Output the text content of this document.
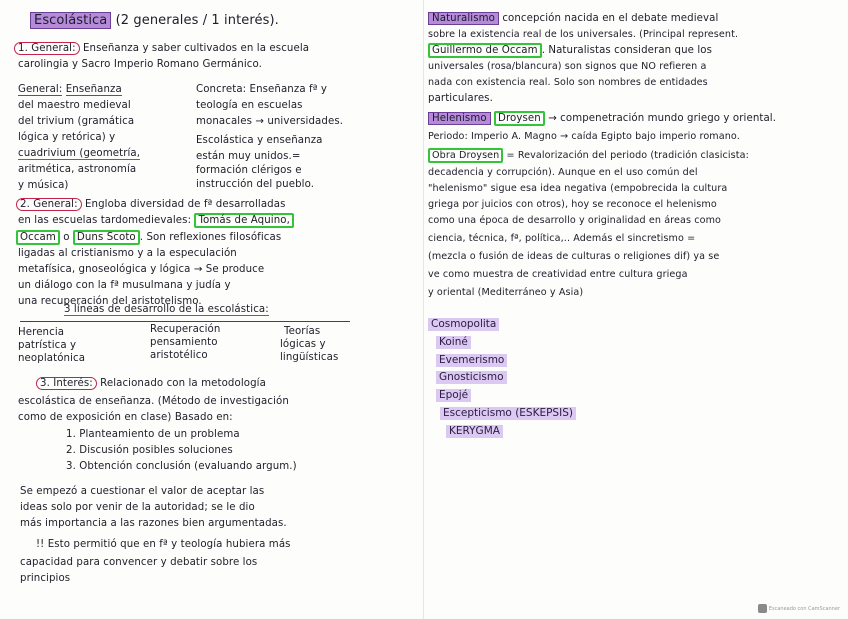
Escolástica (2 generales / 1 interés).
1. General: Enseñanza y saber cultivados en la escuela
carolingia y Sacro Imperio Romano Germánico.
General: Enseñanza
del maestro medieval
del trivium (gramática
lógica y retórica) y
cuadrivium (geometría,
aritmética, astronomía
y música)
Concreta: Enseñanza fª y
teología en escuelas
monacales → universidades.
Escolástica y enseñanza
están muy unidos.=
formación clérigos e
instrucción del pueblo.
2. General: Engloba diversidad de fª desarrolladas
en las escuelas tardomedievales: Tomás de Aquino,
Occam o Duns Scoto . Son reflexiones filosóficas
ligadas al cristianismo y a la especulación
metafísica, gnoseológica y lógica → Se produce
un diálogo con la fª musulmana y judía y
una recuperación del aristotelismo.
3 líneas de desarrollo de la escolástica:
Herencia
patrística y
neoplatónica
Recuperación
pensamiento
aristotélico
Teorías
lógicas y
lingüísticas
3. Interés: Relacionado con la metodología
escolástica de enseñanza. (Método de investigación
como de exposición en clase) Basado en:
1. Planteamiento de un problema
2. Discusión posibles soluciones
3. Obtención conclusión (evaluando argum.)
Se empezó a cuestionar el valor de aceptar las
ideas solo por venir de la autoridad; se le dio
más importancia a las razones bien argumentadas.
!! Esto permitió que en fª y teología hubiera más
capacidad para convencer y debatir sobre los
principios
Naturalismo concepción nacida en el debate medieval
sobre la existencia real de los universales. (Principal represent.
Guillermo de Occam . Naturalistas consideran que los
universales (rosa/blancura) son signos que NO refieren a
nada con existencia real. Solo son nombres de entidades
particulares.
Helenismo Droysen → compenetración mundo griego y oriental.
Periodo: Imperio A. Magno → caída Egipto bajo imperio romano.
Obra Droysen = Revalorización del periodo (tradición clasicista:
decadencia y corrupción). Aunque en el uso común del
"helenismo" sigue esa idea negativa (empobrecida la cultura
griega por juicios con otros), hoy se reconoce el helenismo
como una época de desarrollo y originalidad en áreas como
ciencia, técnica, fª, política,.. Además el sincretismo =
(mezcla o fusión de ideas de culturas o religiones dif) ya se
ve como muestra de creatividad entre cultura griega
y oriental (Mediterráneo y Asia)
Cosmopolita
Koiné
Evemerismo
Gnosticismo
Epojé
Escepticismo (ESKEPSIS)
KERYGMA
Escaneado con CamScanner
